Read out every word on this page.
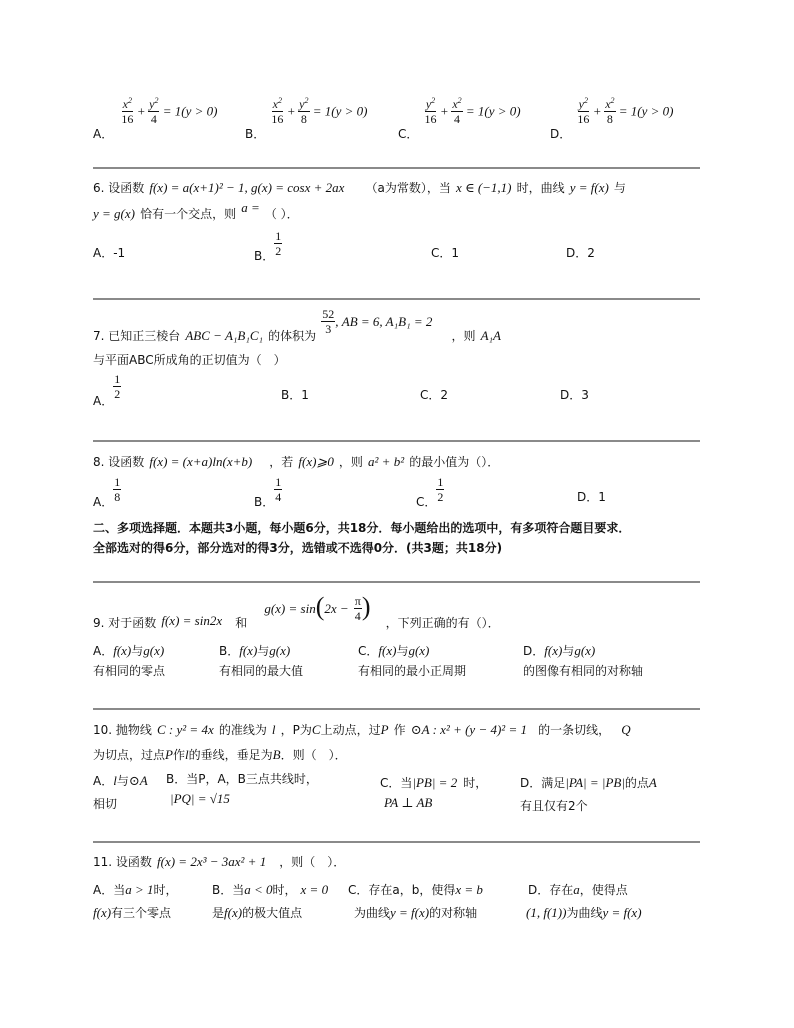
$_{A.}$
$\frac{x^2}{16} + \frac{y^2}{4} = 1(y > 0)$
$_{B.}$
$\frac{x^2}{16} + \frac{y^2}{8} = 1(y > 0)$
$_{C.}$
$\frac{y^2}{16} + \frac{x^2}{4} = 1(y > 0)$
$_{D.}$
$\frac{y^2}{16} + \frac{x^2}{8} = 1(y > 0)$
6. 设函数 f(x) = a(x+1)² − 1, g(x) = cosx + 2ax （a为常数），当 x ∈ (−1,1) 时，曲线 y = f(x) 与
y = g(x) 恰有一个交点，则 $^{a =}$ （ ）．
A．-1	$_{B.} \frac{1}{2}$	C．1	D．2
$_{7. 已知正三棱台}$ $_{ABC - A_1B_1C_1}$ $_{的体积为}$
$\frac{52}{3}$ , AB = 6, A₁B₁ = 2 $_{,则}$ $_{A_1A}$
与平面ABC所成角的正切值为（　）
$_{A.}$
$\frac{1}{2}$	B．1	C．2	D．3
8. 设函数 f(x) = (x+a)ln(x+b) ，若 f(x)⩾0 ，则 a² + b² 的最小值为（）．
$_{A.} \frac{1}{8}$	$_{B.} \frac{1}{4}$	$_{C.} \frac{1}{2}$	D．1
二、多项选择题．本题共3小题，每小题6分，共18分．每小题给出的选项中，有多项符合题目要求．
全部选对的得6分，部分选对的得3分，选错或不选得0分．(共3题；共18分)
$_{9. 对于函数}$ $_{f(x) = sin2x}$ $_和$ $g(x) = \sin(2x - \frac{\pi}{4}$ ) $_{,下列正确的有().}$
A．f(x)与g(x)
有相同的零点
B．f(x)与g(x)
有相同的最大值
C．f(x)与g(x)
有相同的最小正周期
D．f(x)与g(x)
的图像有相同的对称轴
10. 抛物线 C : y² = 4x 的准线为 l ，P为C上动点，过P 作 ⊙A : x² + (y − 4)² = 1 的一条切线， Q
为切点，过点P作l的垂线，垂足为B．则（　）．
A．l与⊙A
相切
B．当P，A，B三点共线时，
|PQ| = √15
C．当|PB| = 2 时，
PA ⊥ AB
D．满足|PA| = |PB|的点A
有且仅有2个
11. 设函数 f(x) = 2x³ − 3ax² + 1 ，则（　）．
A．当a > 1时，
f(x)有三个零点
B．当a < 0时， x = 0
是f(x)的极大值点
C．存在a，b，使得x = b
为曲线y = f(x)的对称轴
D．存在a，使得点
(1, f(1))为曲线y = f(x)
